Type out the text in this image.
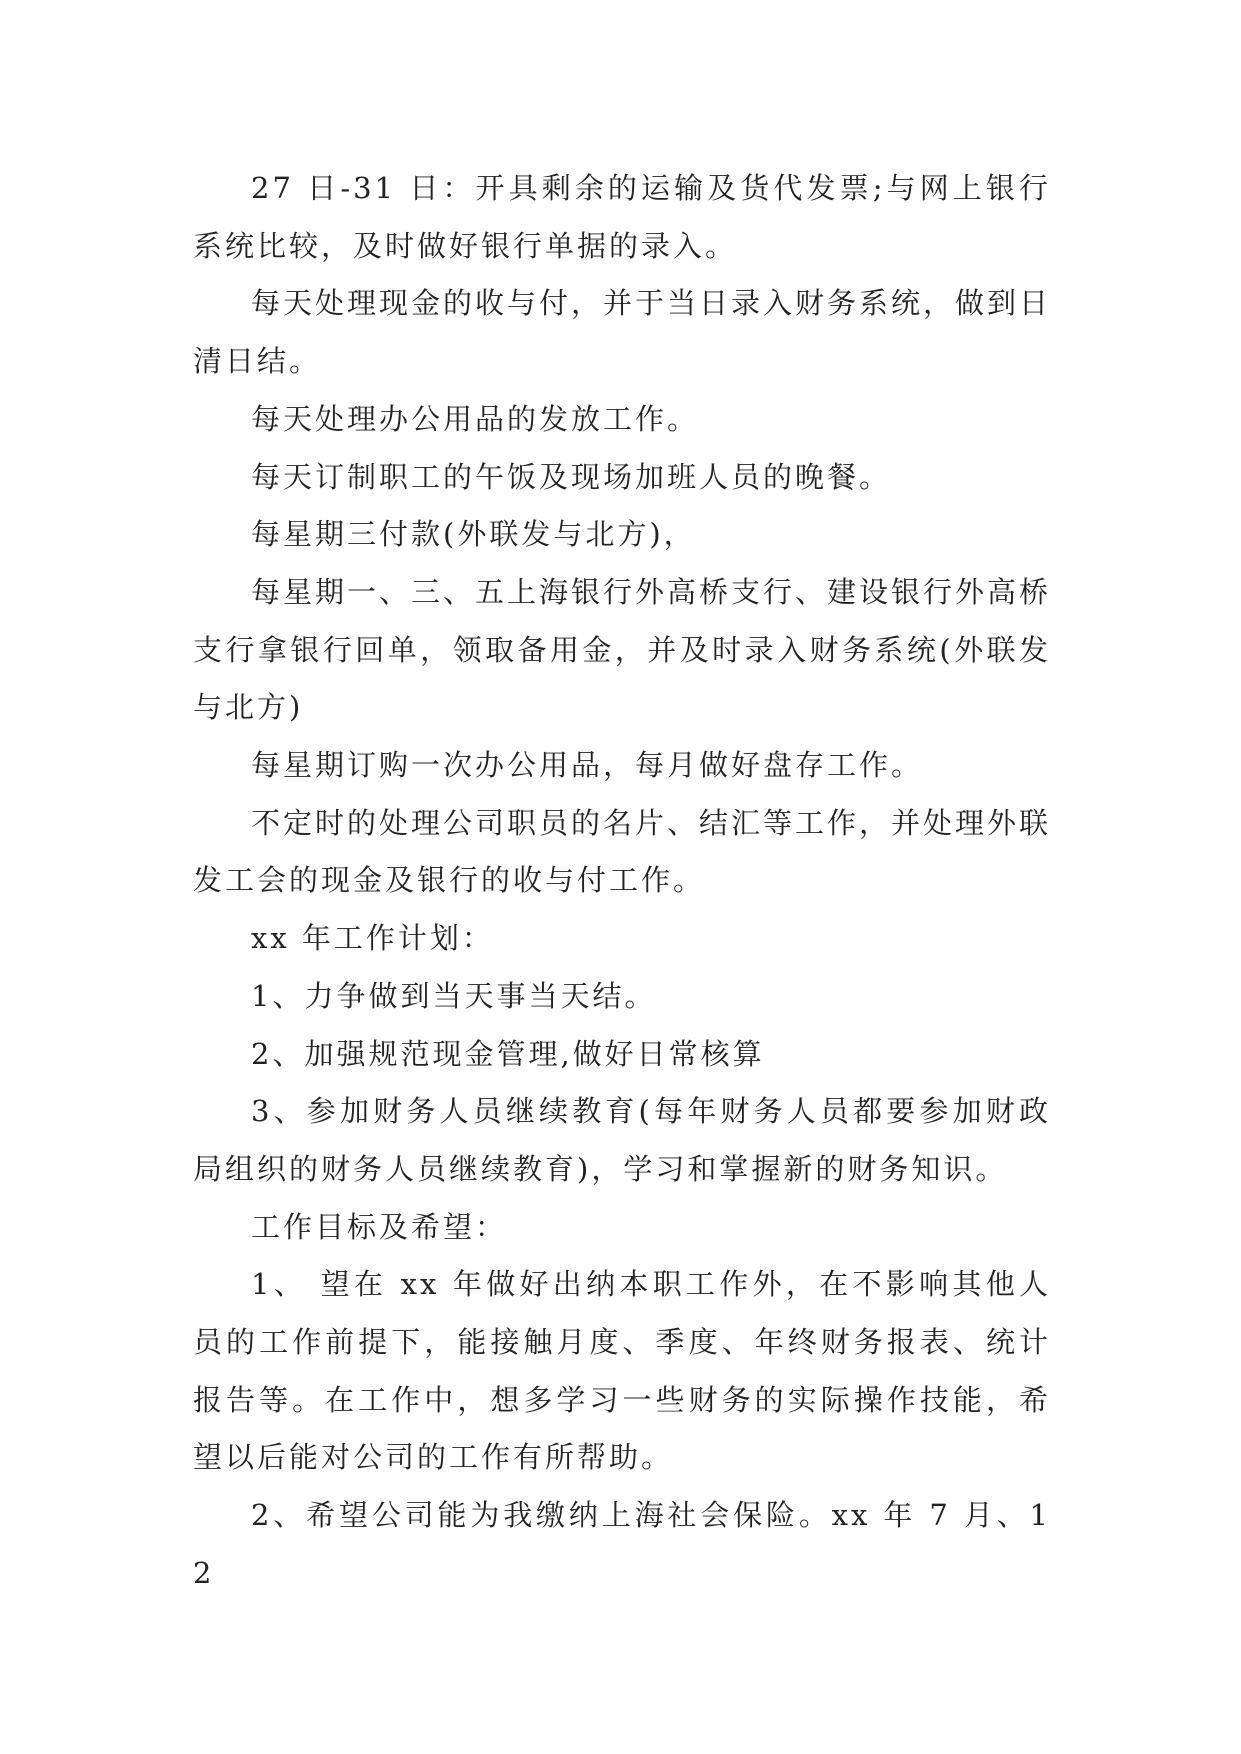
27 日-31 日：开具剩余的运输及货代发票;与网上银行系统比较，及时做好银行单据的录入。

每天处理现金的收与付，并于当日录入财务系统，做到日清日结。

每天处理办公用品的发放工作。

每天订制职工的午饭及现场加班人员的晚餐。

每星期三付款(外联发与北方)，

每星期一、三、五上海银行外高桥支行、建设银行外高桥支行拿银行回单，领取备用金，并及时录入财务系统(外联发与北方)

每星期订购一次办公用品，每月做好盘存工作。

不定时的处理公司职员的名片、结汇等工作，并处理外联发工会的现金及银行的收与付工作。

xx 年工作计划：

1、力争做到当天事当天结。

2、加强规范现金管理,做好日常核算

3、参加财务人员继续教育(每年财务人员都要参加财政局组织的财务人员继续教育)，学习和掌握新的财务知识。

工作目标及希望：

1、 望在 xx 年做好出纳本职工作外，在不影响其他人员的工作前提下，能接触月度、季度、年终财务报表、统计报告等。在工作中，想多学习一些财务的实际操作技能，希望以后能对公司的工作有所帮助。

2、希望公司能为我缴纳上海社会保险。xx 年 7 月、12
